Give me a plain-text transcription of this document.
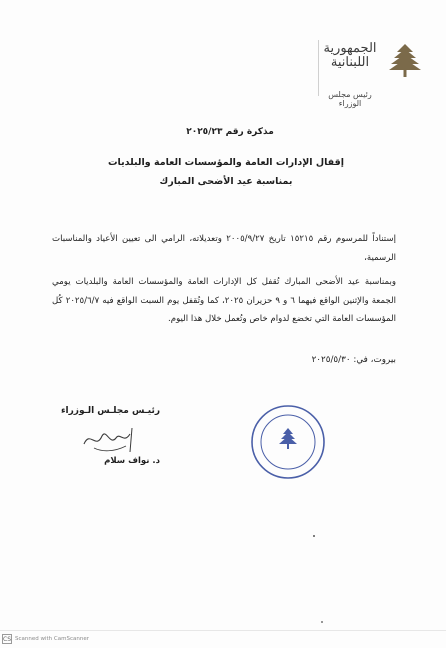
الجمهورية
اللبنانية
رئيس مجلس الوزراء
مذكرة رقم ٢٠٢٥/٢٣
إقفال الإدارات العامة والمؤسسات العامة والبلديات
بمناسبة عيد الأضحى المبارك
إستناداً للمرسوم رقم ١٥٢١٥ تاريخ ٢٠٠٥/٩/٢٧ وتعديلاته، الرامي الى تعيين الأعياد والمناسبات الرسمية،
وبمناسبة عيد الأضحى المبارك تُقفل كل الإدارات العامة والمؤسسات العامة والبلديات يومي الجمعة والإثنين الواقع فيهما ٦ و ٩ حزيران ٢٠٢٥، كما وتُقفل يوم السبت الواقع فيه ٢٠٢٥/٦/٧ كُل المؤسسات العامة التي تخضع لدوام خاص وتُعمل خلال هذا اليوم.
بيروت، في: ٢٠٢٥/٥/٣٠
رئيـس مجلـس الـوزراء
د. نواف سلام
CS Scanned with CamScanner
